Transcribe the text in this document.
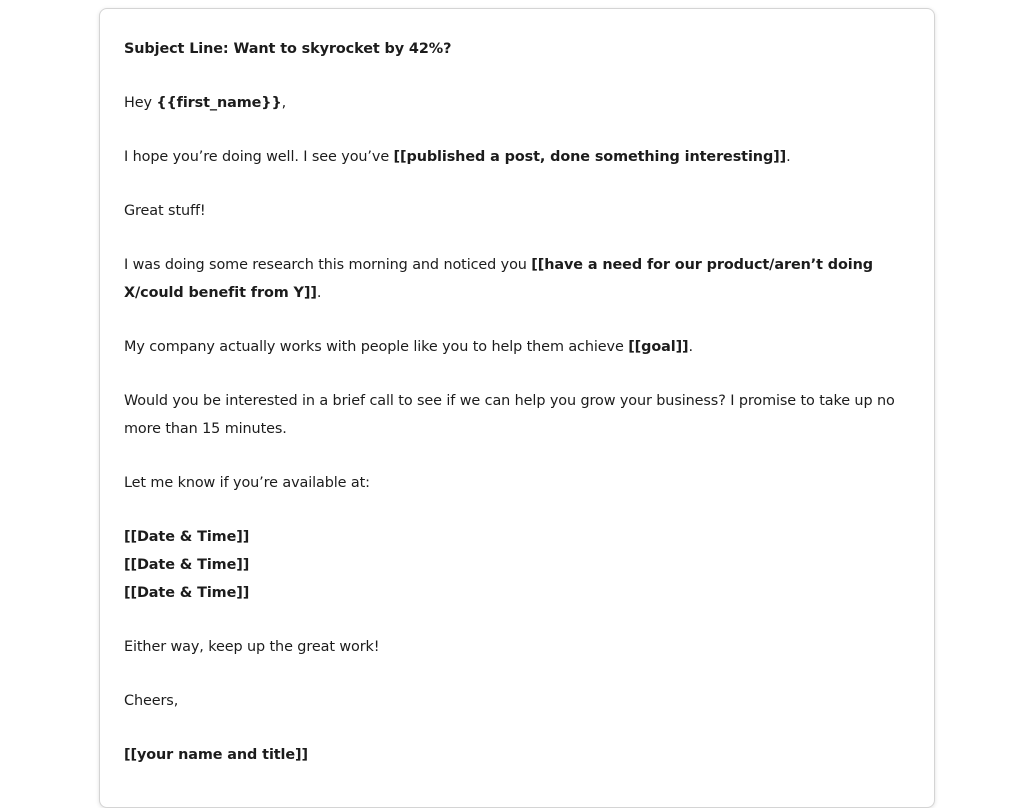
Subject Line: Want to skyrocket by 42%?

Hey {{first_name}},

I hope you’re doing well. I see you’ve [[published a post, done something interesting]].

Great stuff!

I was doing some research this morning and noticed you [[have a need for our product/aren’t doing X/could benefit from Y]].

My company actually works with people like you to help them achieve [[goal]].

Would you be interested in a brief call to see if we can help you grow your business? I promise to take up no more than 15 minutes.

Let me know if you’re available at:

[[Date & Time]]

[[Date & Time]]

[[Date & Time]]

Either way, keep up the great work!

Cheers,

[[your name and title]]
